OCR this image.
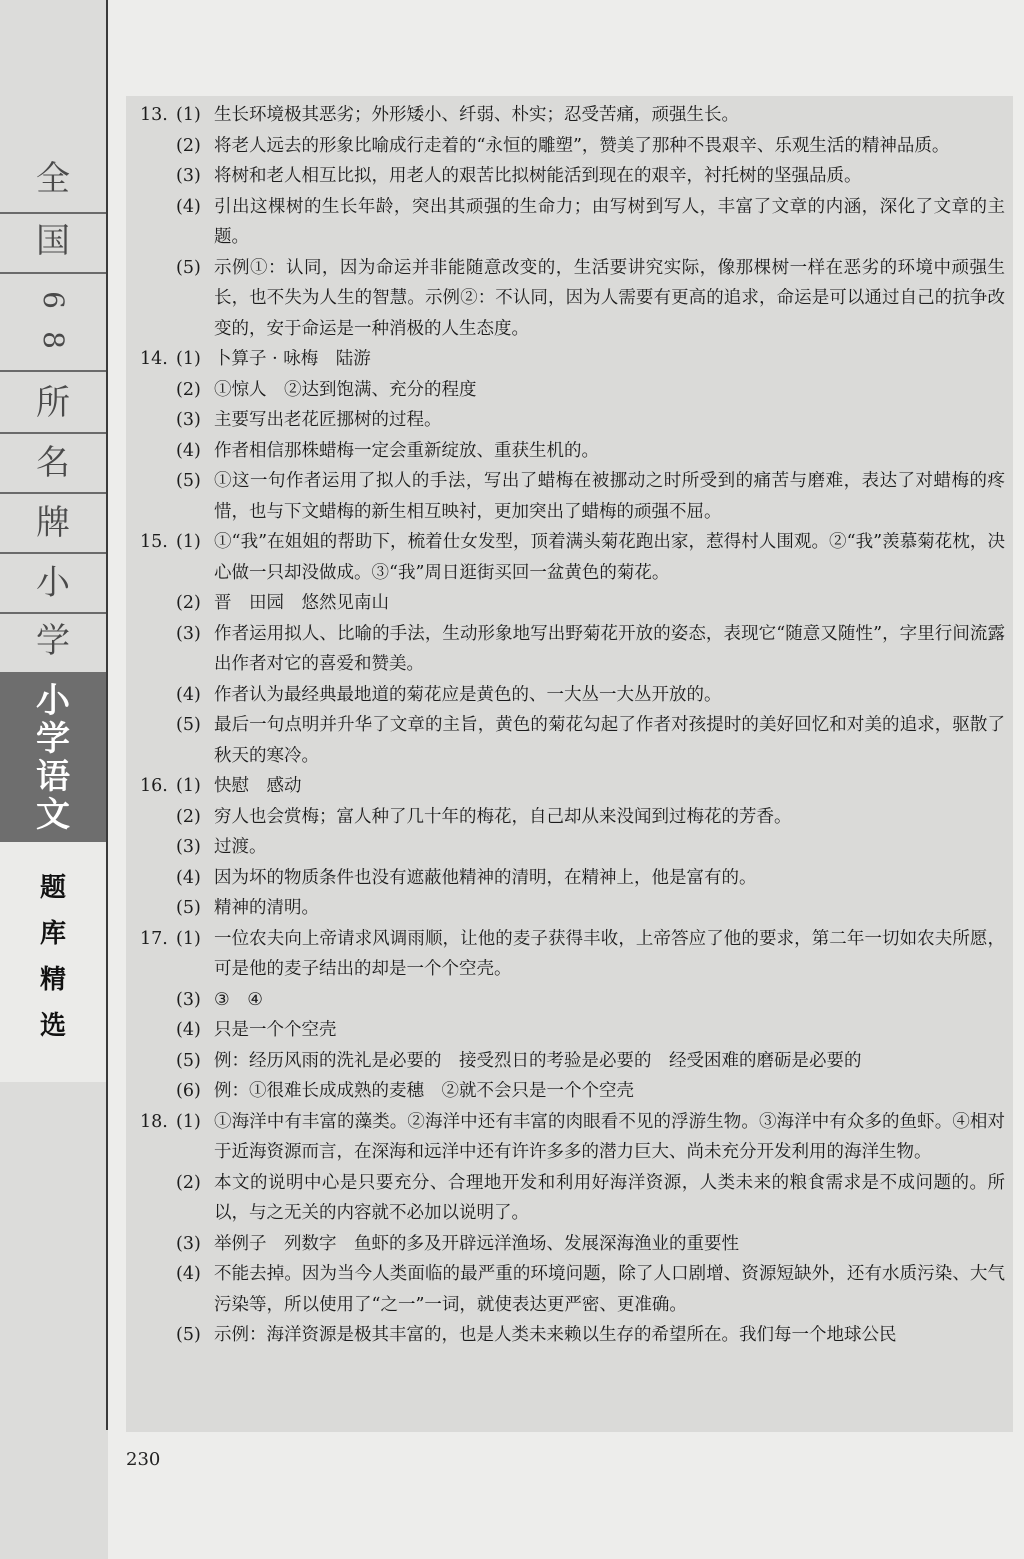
全
国
6
8
所
名
牌
小
学
小
学
语
文
题
库
精
选
13. (1) 生长环境极其恶劣；外形矮小、纤弱、朴实；忍受苦痛，顽强生长。
(2) 将老人远去的形象比喻成行走着的“永恒的雕塑”，赞美了那种不畏艰辛、乐观生活的精神品质。
(3) 将树和老人相互比拟，用老人的艰苦比拟树能活到现在的艰辛，衬托树的坚强品质。
(4) 引出这棵树的生长年龄，突出其顽强的生命力；由写树到写人，丰富了文章的内涵，深化了文章的主题。
(5) 示例①：认同，因为命运并非能随意改变的，生活要讲究实际，像那棵树一样在恶劣的环境中顽强生长，也不失为人生的智慧。示例②：不认同，因为人需要有更高的追求，命运是可以通过自己的抗争改变的，安于命运是一种消极的人生态度。
14. (1) 卜算子 · 咏梅　陆游
(2) ①惊人　②达到饱满、充分的程度
(3) 主要写出老花匠挪树的过程。
(4) 作者相信那株蜡梅一定会重新绽放、重获生机的。
(5) ①这一句作者运用了拟人的手法，写出了蜡梅在被挪动之时所受到的痛苦与磨难，表达了对蜡梅的疼惜，也与下文蜡梅的新生相互映衬，更加突出了蜡梅的顽强不屈。
15. (1) ①“我”在姐姐的帮助下，梳着仕女发型，顶着满头菊花跑出家，惹得村人围观。②“我”羡慕菊花枕，决心做一只却没做成。③“我”周日逛街买回一盆黄色的菊花。
(2) 晋　田园　悠然见南山
(3) 作者运用拟人、比喻的手法，生动形象地写出野菊花开放的姿态，表现它“随意又随性”，字里行间流露出作者对它的喜爱和赞美。
(4) 作者认为最经典最地道的菊花应是黄色的、一大丛一大丛开放的。
(5) 最后一句点明并升华了文章的主旨，黄色的菊花勾起了作者对孩提时的美好回忆和对美的追求，驱散了秋天的寒冷。
16. (1) 快慰　感动
(2) 穷人也会赏梅；富人种了几十年的梅花，自己却从来没闻到过梅花的芳香。
(3) 过渡。
(4) 因为坏的物质条件也没有遮蔽他精神的清明，在精神上，他是富有的。
(5) 精神的清明。
17. (1) 一位农夫向上帝请求风调雨顺，让他的麦子获得丰收，上帝答应了他的要求，第二年一切如农夫所愿，可是他的麦子结出的却是一个个空壳。
(3) ③　④
(4) 只是一个个空壳
(5) 例：经历风雨的洗礼是必要的　接受烈日的考验是必要的　经受困难的磨砺是必要的
(6) 例：①很难长成成熟的麦穗　②就不会只是一个个空壳
18. (1) ①海洋中有丰富的藻类。②海洋中还有丰富的肉眼看不见的浮游生物。③海洋中有众多的鱼虾。④相对于近海资源而言，在深海和远洋中还有许许多多的潜力巨大、尚未充分开发利用的海洋生物。
(2) 本文的说明中心是只要充分、合理地开发和利用好海洋资源，人类未来的粮食需求是不成问题的。所以，与之无关的内容就不必加以说明了。
(3) 举例子　列数字　鱼虾的多及开辟远洋渔场、发展深海渔业的重要性
(4) 不能去掉。因为当今人类面临的最严重的环境问题，除了人口剧增、资源短缺外，还有水质污染、大气污染等，所以使用了“之一”一词，就使表达更严密、更准确。
(5) 示例：海洋资源是极其丰富的，也是人类未来赖以生存的希望所在。我们每一个地球公民
230
